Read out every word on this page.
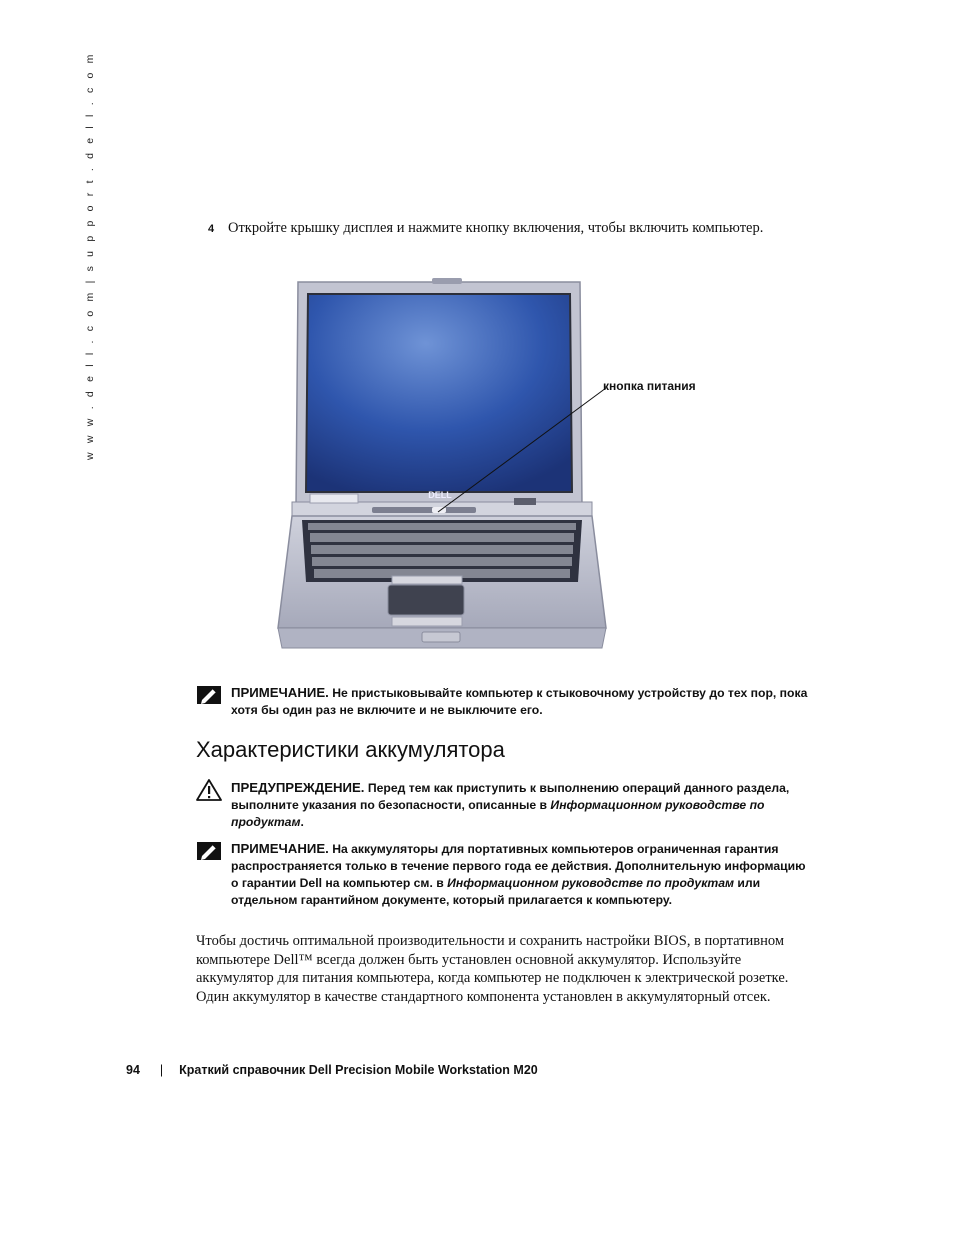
w w w . d e l l . c o m | s u p p o r t . d e l l . c o m	4 Откройте крышку дисплея и нажмите кнопку включения, чтобы включить компьютер.
DELL
кнопка питания
ПРИМЕЧАНИЕ. Не пристыковывайте компьютер к стыковочному устройству до тех пор, пока хотя бы один раз не включите и не выключите его.
Характеристики аккумулятора
ПРЕДУПРЕЖДЕНИЕ. Перед тем как приступить к выполнению операций данного раздела, выполните указания по безопасности, описанные в Информационном руководстве по продуктам.
ПРИМЕЧАНИЕ. На аккумуляторы для портативных компьютеров ограниченная гарантия распространяется только в течение первого года ее действия. Дополнительную информацию о гарантии Dell на компьютер см. в Информационном руководстве по продуктам или отдельном гарантийном документе, который прилагается к компьютеру.
Чтобы достичь оптимальной производительности и сохранить настройки BIOS, в портативном компьютере Dell™ всегда должен быть установлен основной аккумулятор. Используйте аккумулятор для питания компьютера, когда компьютер не подключен к электрической розетке. Один аккумулятор в качестве стандартного компонента установлен в аккумуляторный отсек.
94 | Краткий справочник Dell Precision Mobile Workstation M20
